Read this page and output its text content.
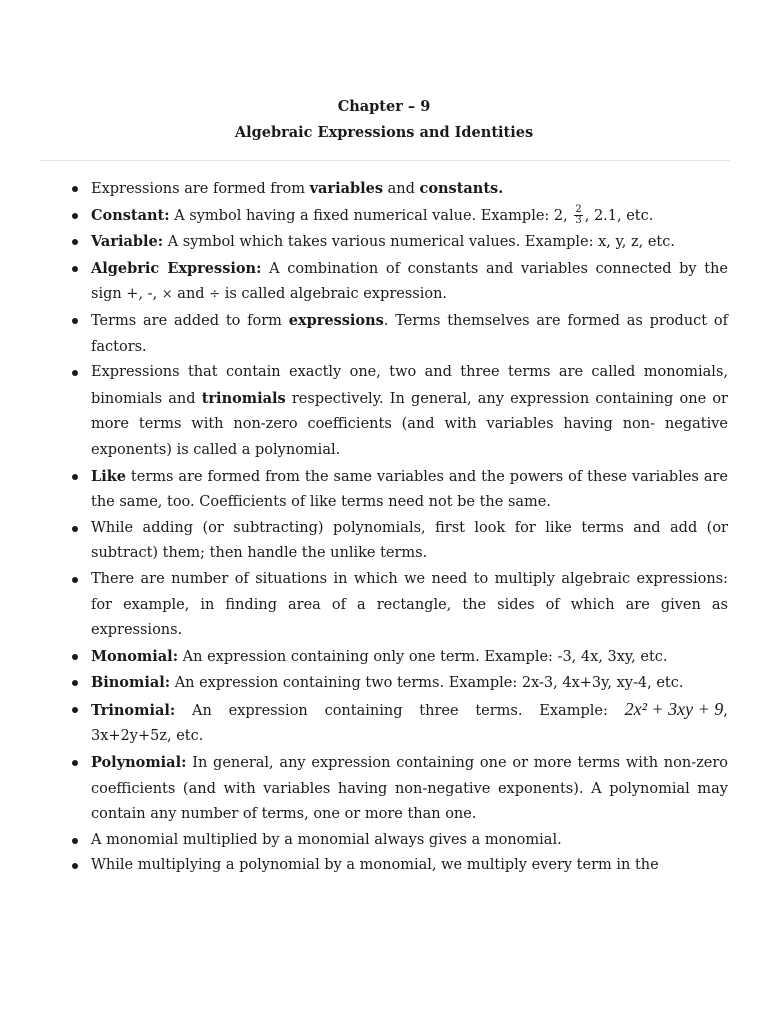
Chapter – 9
Algebraic Expressions and Identities
Expressions are formed from variables and constants.
Constant: A symbol having a fixed numerical value. Example: 2, $\frac{2}{3}$ , 2.1, etc.
Variable: A symbol which takes various numerical values. Example: x, y, z, etc.
Algebric Expression: A combination of constants and variables connected by the sign +, -, × and ÷ is called algebraic expression.
Terms are added to form expressions. Terms themselves are formed as product of factors.
Expressions that contain exactly one, two and three terms are called monomials, binomials and trinomials respectively. In general, any expression containing one or more terms with non-zero coefficients (and with variables having non- negative exponents) is called a polynomial.
Like terms are formed from the same variables and the powers of these variables are the same, too. Coefficients of like terms need not be the same.
While adding (or subtracting) polynomials, first look for like terms and add (or subtract) them; then handle the unlike terms.
There are number of situations in which we need to multiply algebraic expressions: for example, in finding area of a rectangle, the sides of which are given as expressions.
Monomial: An expression containing only one term. Example: -3, 4x, 3xy, etc.
Binomial: An expression containing two terms. Example: 2x-3, 4x+3y, xy-4, etc.
Trinomial: An expression containing three terms. Example: 2x² + 3xy + 9,
3x+2y+5z, etc.
Polynomial: In general, any expression containing one or more terms with non-zero coefficients (and with variables having non-negative exponents). A polynomial may contain any number of terms, one or more than one.
A monomial multiplied by a monomial always gives a monomial.
While multiplying a polynomial by a monomial, we multiply every term in the
